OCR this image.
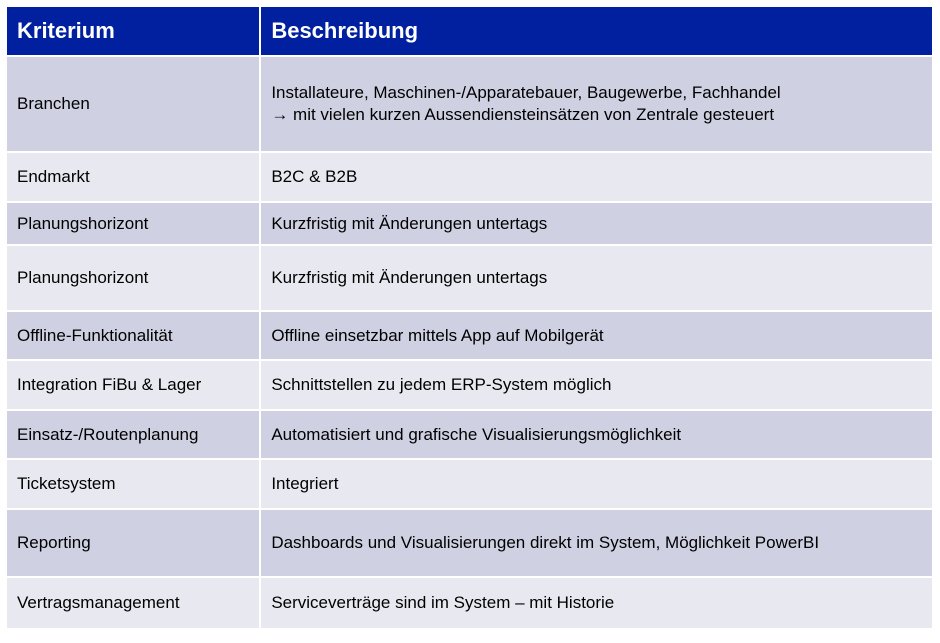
Kriterium	Beschreibung
Branchen	Installateure, Maschinen-/Apparatebauer, Baugewerbe, Fachhandel
→ mit vielen kurzen Aussendiensteinsätzen von Zentrale gesteuert

Endmarkt	B2C & B2B
Planungshorizont	Kurzfristig mit Änderungen untertags
Planungshorizont	Kurzfristig mit Änderungen untertags
Offline-Funktionalität	Offline einsetzbar mittels App auf Mobilgerät
Integration FiBu & Lager	Schnittstellen zu jedem ERP-System möglich
Einsatz-/Routenplanung	Automatisiert und grafische Visualisierungsmöglichkeit
Ticketsystem	Integriert
Reporting	Dashboards und Visualisierungen direkt im System, Möglichkeit PowerBI
Vertragsmanagement	Serviceverträge sind im System – mit Historie
